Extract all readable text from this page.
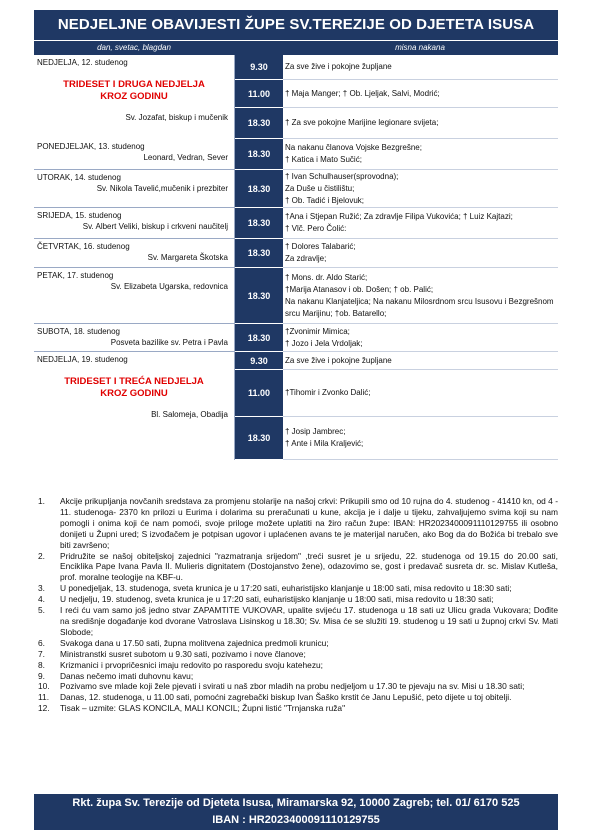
NEDJELJNE OBAVIJESTI ŽUPE SV.TEREZIJE OD DJETETA ISUSA
dan, svetac, blagdan	misna nakana
NEDJELJA, 12. studenog
TRIDESET I DRUGA NEDJELJA KROZ GODINU
Sv. Jozafat, biskup i mučenik	9.30	Za sve žive i pokojne župljane
	11.00	† Maja Manger; † Ob. Ljeljak, Salvi, Modrić;
	18.30	† Za sve pokojne Marijine legionare svijeta;

PONEDJELJAK, 13. studenog
Leonard, Vedran, Sever	18.30	Na nakanu članova Vojske Bezgrešne;
† Katica i Mato Sučić;

UTORAK, 14. studenog
Sv. Nikola Tavelić,mučenik i prezbiter	18.30	† Ivan Schulhauser(sprovodna);
Za Duše u čistilištu;
† Ob. Tadić i Bjelovuk;

SRIJEDA, 15. studenog
Sv. Albert Veliki, biskup i crkveni naučitelj	18.30	†Ana i Stjepan Ružić; Za zdravlje Filipa Vukovića; † Luiz Kajtazi;
† Vlč. Pero Čolić:

ČETVRTAK, 16. studenog
Sv. Margareta Škotska	18.30	† Dolores Talabarić;
Za zdravlje;

PETAK, 17. studenog
Sv. Elizabeta Ugarska, redovnica	18.30	† Mons. dr. Aldo Starić;
†Marija Atanasov i ob. Došen; † ob. Palić;
Na nakanu Klanjateljica; Na nakanu Milosrdnom srcu Isusovu i Bezgrešnom srcu Marijinu; †ob. Batarello;

SUBOTA, 18. studenog
Posveta bazilike sv. Petra i Pavla	18.30	†Zvonimir Mimica;
† Jozo i Jela Vrdoljak;

NEDJELJA, 19. studenog
TRIDESET I TREĆA NEDJELJA KROZ GODINU
Bl. Salomeja, Obadija	9.30	Za sve žive i pokojne župljane
	11.00	†Tihomir i Zvonko Dalić;
	18.30	† Josip Jambrec;
† Ante i Mila Kraljević;
1.	Akcije prikupljanja novčanih sredstava za promjenu stolarije na našoj crkvi: Prikupili smo od 10 rujna do 4. studenog - 41410 kn, od 4 - 11. studenoga- 2370 kn prilozi u Eurima i dolarima su preračunati u kune, akcija je i dalje u tijeku, zahvaljujemo svima koji su nam pomogli i onima koji će nam pomoći, svoje priloge možete uplatiti na žiro račun župe: IBAN: HR2023400091110129755 ili osobno donijeti u Župni ured; S izvođačem je potpisan ugovor i uplaćenen avans te je materijal naručen, ako Bog da do Božića bi trebalo sve biti završeno;
2.	Pridružite se našoj obiteljskoj zajednici "razmatranja srijedom" ,treći susret je u srijedu, 22. studenoga od 19.15 do 20.00 sati, Enciklika Pape Ivana Pavla II. Mulieris dignitatem (Dostojanstvo žene), odazovimo se, gost i predavač susreta dr. sc. Mislav Kutleša, prof. moralne teologije na KBF-u.
3.	U ponedjeljak, 13. studenoga, sveta krunica je u 17:20 sati, euharistijsko klanjanje u 18:00 sati, misa redovito u 18:30 sati;
4.	U nedjelju, 19. studenog, sveta krunica je u 17:20 sati, euharistijsko klanjanje u 18:00 sati, misa redovito u 18:30 sati;
5.	I reći ću vam samo još jedno stvar ZAPAMTITE VUKOVAR, upalite svijeću 17. studenoga u 18 sati uz Ulicu grada Vukovara; Dođite na središnje događanje kod dvorane Vatroslava Lisinskog u 18.30; Sv. Misa će se služiti 19. studenog u 19 sati u župnoj crkvi Sv. Mati Slobode;
6.	Svakoga dana u 17.50 sati, župna molitvena zajednica predmoli krunicu;
7.	Ministranstki susret subotom u 9.30 sati, pozivamo i nove članove;
8.	Krizmanici i prvopričesnici imaju redovito po rasporedu svoju katehezu;
9.	Danas nečemo imati duhovnu kavu;
10.	Pozivamo sve mlade koji žele pjevati i svirati u naš zbor mladih na probu nedjeljom u 17.30 te pjevaju na sv. Misi u 18.30 sati;
11.	Danas, 12. studenoga, u 11.00 sati, pomoćni zagrebački biskup Ivan Šaško krstit će Janu Lepušić, peto dijete u toj obitelji.
12.	Tisak – uzmite: GLAS KONCILA, MALI KONCIL; Župni listić "Trnjanska ruža"
Rkt. župa Sv. Terezije od Djeteta Isusa, Miramarska 92, 10000 Zagreb; tel. 01/ 6170 525
IBAN : HR2023400091110129755
